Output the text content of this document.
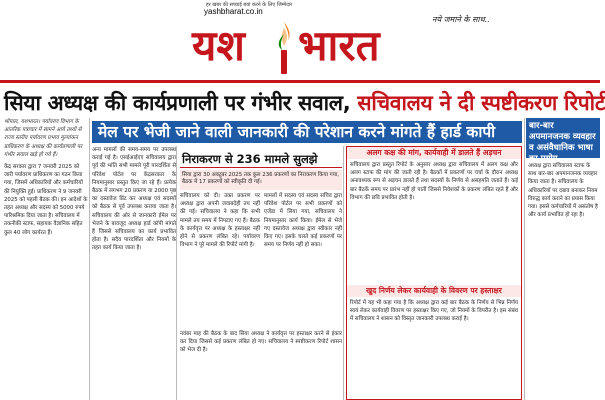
हर खबर की सच्चाई बयां करने के लिए जिम्मेदार
yashbharat.co.in
यश भारत
नये जमाने के साथ..
सिया अध्यक्ष की कार्यप्रणाली पर गंभीर सवाल, सचिवालय ने दी स्पष्टीकरण रिपोर्ट
भोपाल, यशभारत। पर्यावरण विभाग के आंतरिक पत्राचार में सामने आये तथ्यों से राज्य स्तरीय पर्यावरण प्रभाव मूल्यांकन प्राधिकरण के अध्यक्ष की कार्यप्रणाली पर गंभीर सवाल खड़े हो गये हैं।
केंद्र सरकार द्वारा 7 जनवरी 2025 को जारी पर्यावरण प्राधिकरण का गठन किया गया, जिसमें अधिकारियों और कर्मचारियों की नियुक्ति हुई। प्राधिकरण ने 9 जनवरी 2025 को पहली बैठक की। इन आदेशों के तहत अध्यक्ष और सदस्य को 5000 रुपये पारिश्रमिक दिया जाता है। सचिवालय में तकनीकी स्टाफ, सहायक वैज्ञानिक सहित कुल 40 लोग कार्यरत हैं।
मेल पर भेजी जाने वाली जानकारी की परेशान करने मांगते हैं हार्ड कापी
अन्य मामलों की समय-समय पर उपलब्ध कराई गई है। एसईआईएए सचिवालय द्वारा पूर्व की भांति सभी मामले पूरी पारदर्शिता से परिवेश पोर्टल पर केंद्रसरकार के नियमानुसार प्रस्तुत किए जा रहे हैं। प्रत्येक बैठक में लगभग 20 प्रकरण या 2000 पृष्ठ का दस्तावेज प्रिंट कर अध्यक्ष एवं सदस्यों को बैठक से पूर्व उपलब्ध कराया जाता है। सचिवालय की ओर से जानकारी ईमेल पर भेजने के बावजूद अध्यक्ष हार्ड कॉपी मांगते हैं जिससे सचिवालय का कार्य प्रभावित होता है। सदैव पारदर्शिता और नियमों के तहत कार्य किया जाता है।
निराकरण से 236 मामले सुलझे
सिया द्वारा 30 अक्टूबर 2025 तक कुल 236 प्रकरणों का निराकरण किया गया, बैठक में 17 प्रकरणों को स्वीकृति दी गई।
सचिवालय को दी। उक्त प्रकरण पर अध्यक्ष द्वारा अपनी जवाबदेही तय नहीं की गई। सचिवालय ने कहा कि सभी मामले तय समय में निपटाए गए हैं। बैठक के कार्यवृत्त पर अध्यक्ष के हस्ताक्षर नहीं होने से प्रकरण लंबित रहे। पर्यावरण विभाग ने पूरे मामले की रिपोर्ट मांगी है।
मामलों में सदस्य एवं सदस्य सचिव द्वारा परिवेश पोर्टल पर सभी प्रकरणों को एजेंडा में लिया गया, सचिवालय ने नियमानुसार कार्य किया। ईमेल से भेजे गए दस्तावेज अध्यक्ष द्वारा स्वीकार नहीं किए गए। इसके चलते कई प्रकरणों पर समय पर निर्णय नहीं हो सका।
नवंबर माह की बैठक के बाद सिया अध्यक्ष ने कार्यवृत्त पर हस्ताक्षर करने से इंकार कर दिया जिससे कई प्रकरण लंबित हो गए। सचिवालय ने स्पष्टीकरण रिपोर्ट शासन को भेज दी है।
अलग कक्ष की मांग, कार्यवाही में डालते हैं अड़चन
सचिवालय द्वारा प्रस्तुत रिपोर्ट के अनुसार अध्यक्ष द्वारा सचिवालय में अलग कक्ष और अलग स्टाफ की मांग की जाती रही है। बैठकों में प्रकरणों पर चर्चा के दौरान अध्यक्ष अनावश्यक रूप से अड़चन डालते हैं तथा सदस्यों के निर्णय से असहमति जताते हैं। कई बार बैठकें समय पर प्रारंभ नहीं हो पातीं जिससे निवेशकों के प्रकरण लंबित रहते हैं और विभाग की छवि प्रभावित होती है।
खुद निर्णय लेकर कार्यवाही के विवरण पर हस्ताक्षर
रिपोर्ट में यह भी कहा गया है कि अध्यक्ष द्वारा कई बार बैठक के निर्णय से भिन्न निर्णय स्वयं लेकर कार्यवाही विवरण पर हस्ताक्षर किए गए, जो नियमों के विपरीत है। इस संबंध में सचिवालय ने शासन को विस्तृत जानकारी उपलब्ध कराई है।
बार-बार अपमानजनक व्यवहार व असंवैधानिक भाषा का प्रयोग
अध्यक्ष द्वारा सचिवालय स्टाफ के साथ बार-बार अपमानजनक व्यवहार किया जाता है। सचिवालय के अधिकारियों पर दबाव बनाकर नियम विरुद्ध कार्य कराने का प्रयास किया गया। इससे कर्मचारियों में असंतोष है और कार्य प्रभावित हो रहा है।
